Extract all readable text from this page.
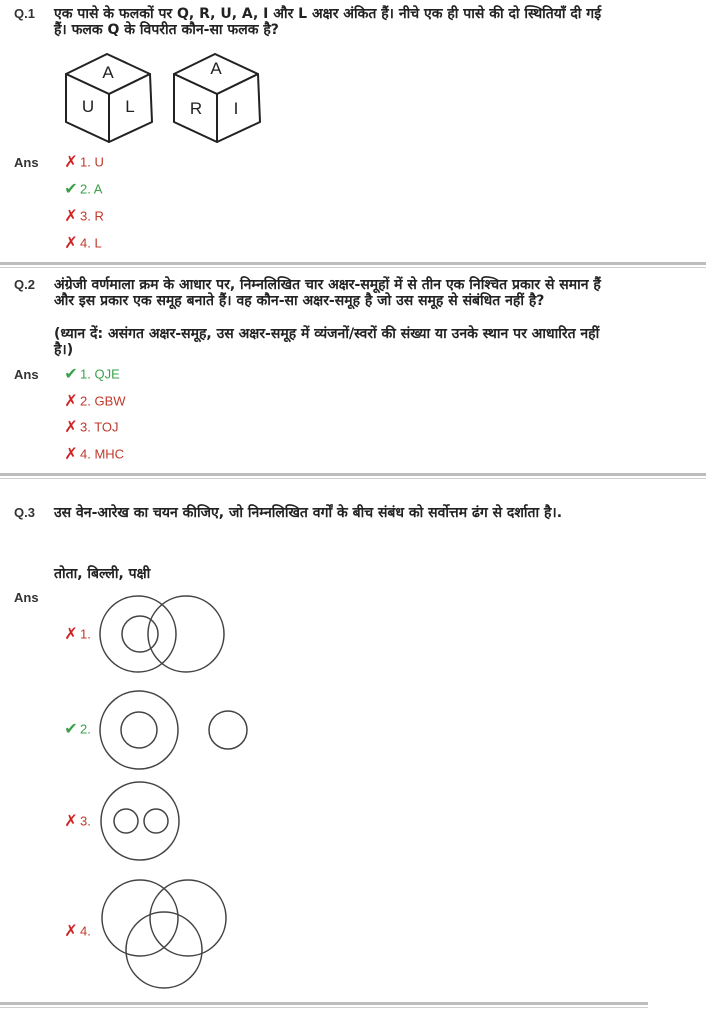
Q.1 एक पासे के फलकों पर Q, R, U, A, I और L अक्षर अंकित हैं। नीचे एक ही पासे की दो स्थितियाँ दी गई हैं। फलक Q के विपरीत कौन-सा फलक है?

A
U L
A
R I
Ans ✗ 1. U
✔ 2. A
✗ 3. R
✗ 4. L
Q.2 अंग्रेजी वर्णमाला क्रम के आधार पर, निम्नलिखित चार अक्षर-समूहों में से तीन एक निश्चित प्रकार से समान हैं और इस प्रकार एक समूह बनाते हैं। वह कौन-सा अक्षर-समूह है जो उस समूह से संबंधित नहीं है?

(ध्यान दें: असंगत अक्षर-समूह, उस अक्षर-समूह में व्यंजनों/स्वरों की संख्या या उनके स्थान पर आधारित नहीं है।)

Ans ✔ 1. QJE
✗ 2. GBW
✗ 3. TOJ
✗ 4. MHC
Q.3 उस वेन-आरेख का चयन कीजिए, जो निम्नलिखित वर्गों के बीच संबंध को सर्वोत्तम ढंग से दर्शाता है।.

तोता, बिल्ली, पक्षी

Ans
✗ 1.
✔ 2.
✗ 3.
✗ 4.
